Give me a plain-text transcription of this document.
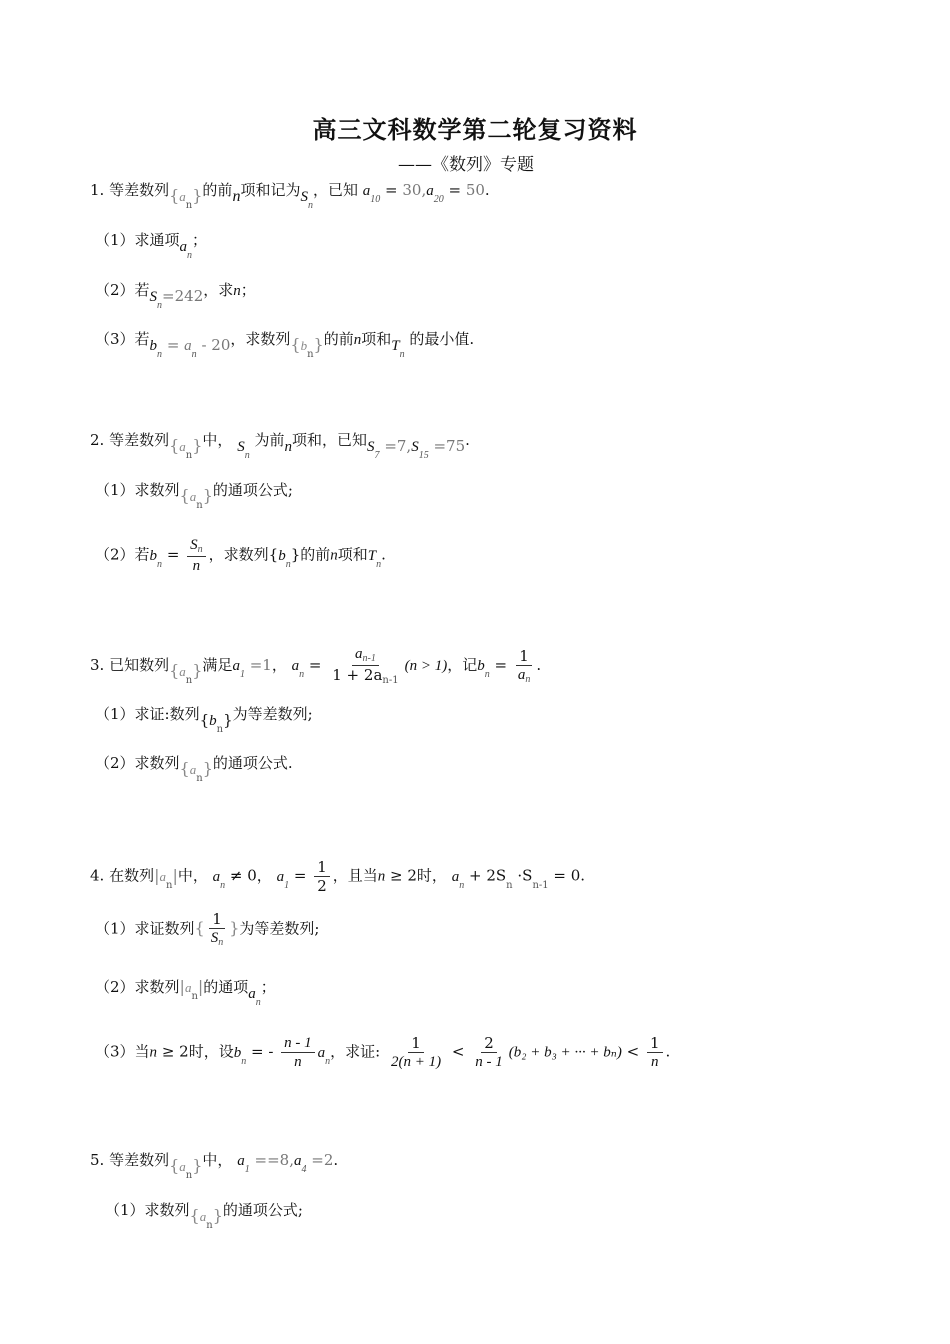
高三文科数学第二轮复习资料
——《数列》专题
1. 等差数列$\{a_n\}$的前n项和记为$S_n$，已知 $a_{10} = 30,a_{20} = 50$.
（1）求通项$a_n$；
（2）若$S_n=242$，求n；
（3）若$b_n = a_n - 20$，求数列$\{b_n\}$的前n项和$T_n$ 的最小值.
2. 等差数列$\{a_n\}$中， $S_n$ 为前n项和，已知$S_7 =7,S_{15} =75$.
（1）求数列$\{a_n\}$的通项公式;
（2）若$b_n = \frac{S_n}{n}$ ，求数列$\{b_n\}$的前n项和$T_n$.
3. 已知数列$\{a_n\}$满足$a_1 =1$， $a_n = \frac{a_{n-1}}{1 + 2a_{n-1}} (n > 1)$，记$b_n = \frac{1}{a_n}$ .
（1）求证:数列$\{b_n\}$为等差数列;
（2）求数列$\{a_n\}$的通项公式.
4. 在数列$|a_n|$中， $a_n \ne 0$， $a_1 = \frac{1}{2}$ ，且当n ≥ 2时， $a_n + 2S_n \cdot S_{n-1} = 0$.
（1）求证数列{ $\frac{1}{S_n}$ }为等差数列;
（2）求数列$|a_n|$的通项$a_n$；
（3）当n ≥ 2时，设$b_n$ = - $\frac{n - 1}{n} a_n$，求证: $\frac{1}{2(n + 1)} < \frac{2}{n - 1} (b_2 + b_3$ + ··· + $b_n) < \frac{1}{n}$ .
5. 等差数列$\{a_n\}$中， $a_1 ==8,a_4 =2$.
（1）求数列$\{a_n\}$的通项公式;
